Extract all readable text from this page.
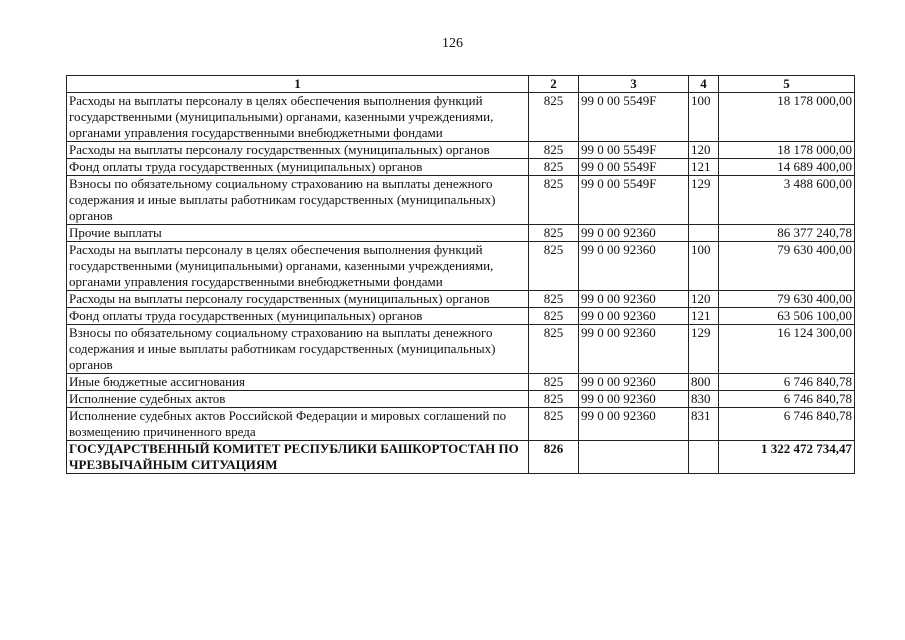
126
1	2	3	4	5
Расходы на выплаты персоналу в целях обеспечения выполнения функций государственными (муниципальными) органами, казенными учреждениями, органами управления государственными внебюджетными фондами	825	99 0 00 5549F	100	18 178 000,00
Расходы на выплаты персоналу государственных (муниципальных) органов	825	99 0 00 5549F	120	18 178 000,00
Фонд оплаты труда государственных (муниципальных) органов	825	99 0 00 5549F	121	14 689 400,00
Взносы по обязательному социальному страхованию на выплаты денежного содержания и иные выплаты работникам государственных (муниципальных) органов	825	99 0 00 5549F	129	3 488 600,00
Прочие выплаты	825	99 0 00 92360		86 377 240,78
Расходы на выплаты персоналу в целях обеспечения выполнения функций государственными (муниципальными) органами, казенными учреждениями, органами управления государственными внебюджетными фондами	825	99 0 00 92360	100	79 630 400,00
Расходы на выплаты персоналу государственных (муниципальных) органов	825	99 0 00 92360	120	79 630 400,00
Фонд оплаты труда государственных (муниципальных) органов	825	99 0 00 92360	121	63 506 100,00
Взносы по обязательному социальному страхованию на выплаты денежного содержания и иные выплаты работникам государственных (муниципальных) органов	825	99 0 00 92360	129	16 124 300,00
Иные бюджетные ассигнования	825	99 0 00 92360	800	6 746 840,78
Исполнение судебных актов	825	99 0 00 92360	830	6 746 840,78
Исполнение судебных актов Российской Федерации и мировых соглашений по возмещению причиненного вреда	825	99 0 00 92360	831	6 746 840,78
ГОСУДАРСТВЕННЫЙ КОМИТЕТ РЕСПУБЛИКИ БАШКОРТОСТАН ПО ЧРЕЗВЫЧАЙНЫМ СИТУАЦИЯМ	826			1 322 472 734,47
